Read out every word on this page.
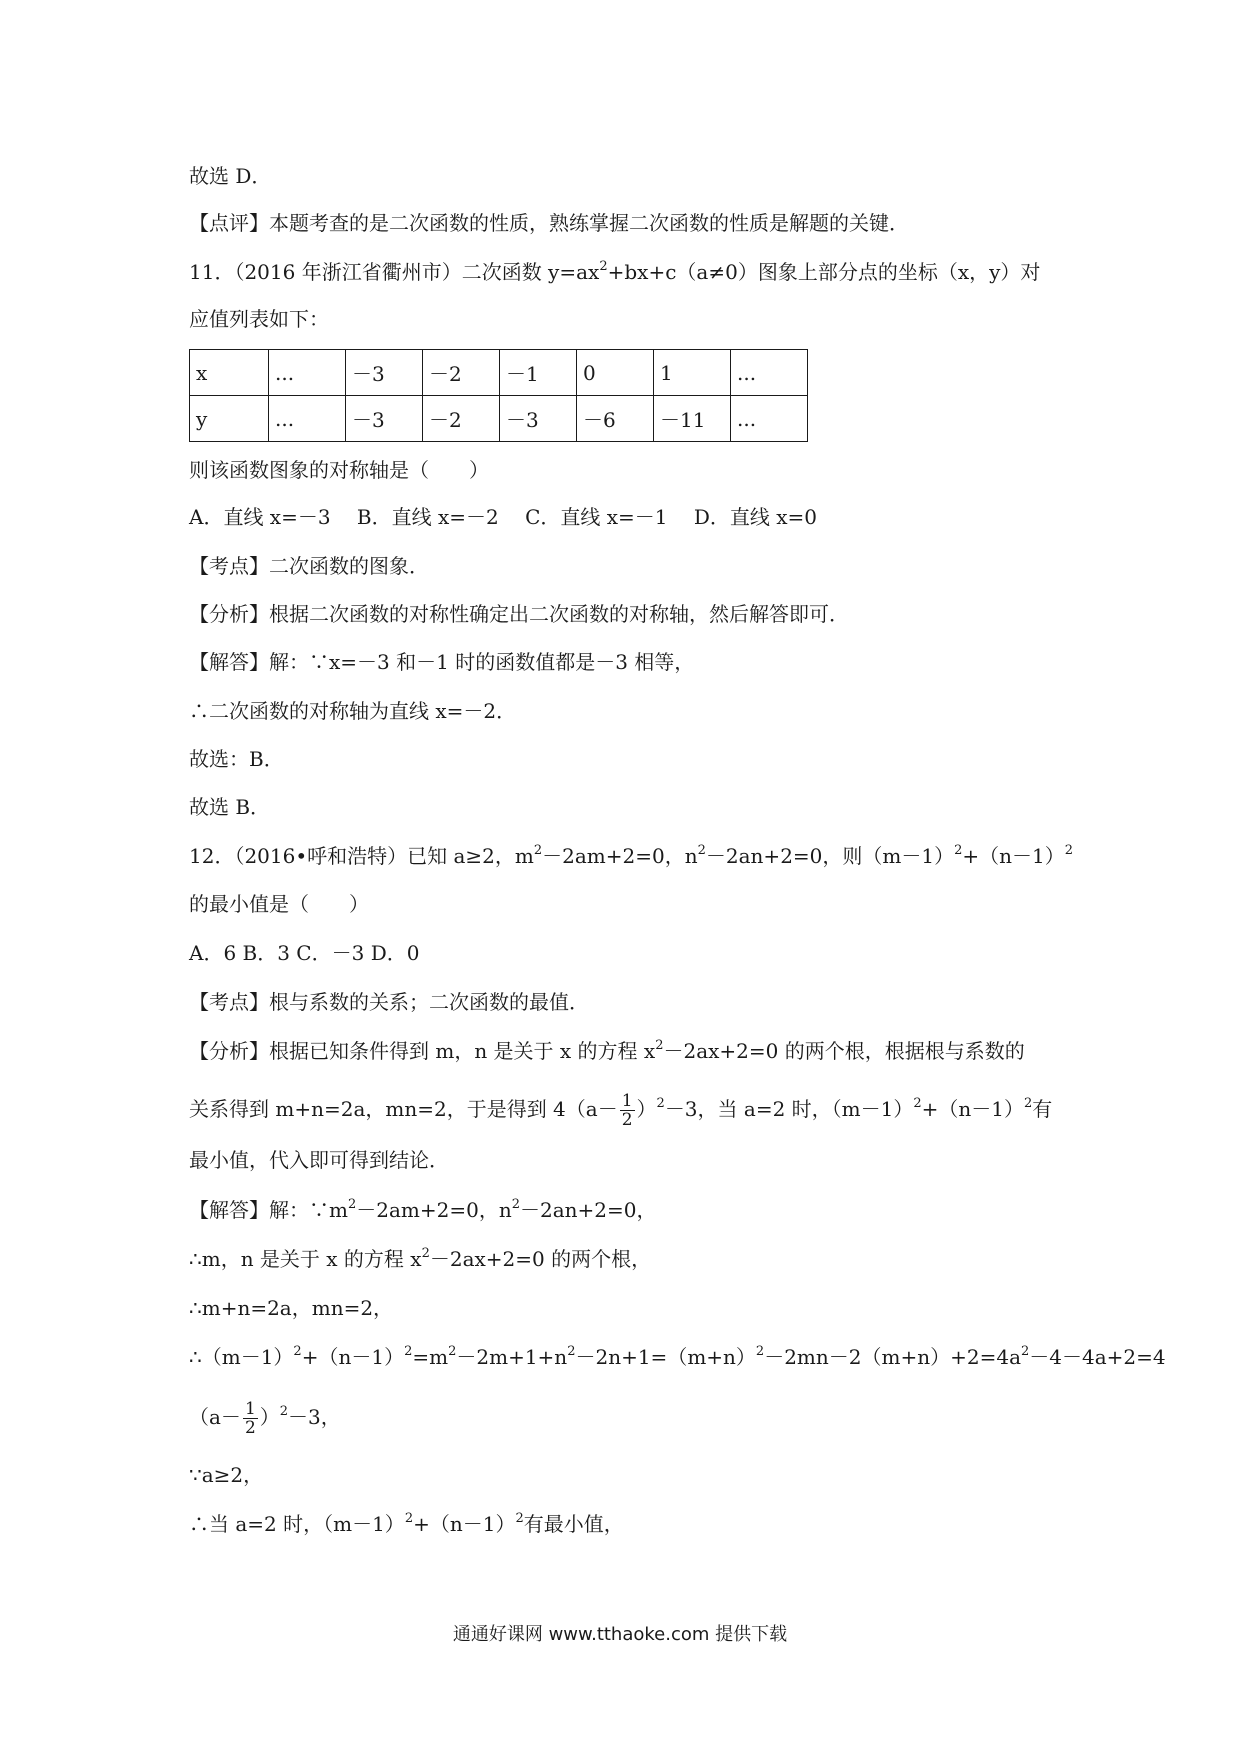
故选 D．
【点评】本题考查的是二次函数的性质，熟练掌握二次函数的性质是解题的关键．
11．（2016 年浙江省衢州市）二次函数 $y=ax^2+bx+c(a\ne 0)$图象上部分点的坐标（x，y）对
应值列表如下：
x	...	－3	－2	－1	0	1	...
y	...	－3	－2	－3	－6	－11	...
则该函数图象的对称轴是（　　）
A．直线 x=－3　 B．直线 x=－2　 C．直线 x=－1　 D．直线 x=0
【考点】二次函数的图象．
【分析】根据二次函数的对称性确定出二次函数的对称轴，然后解答即可．
【解答】解：∵x=－3 和－1 时的函数值都是－3 相等，
∴二次函数的对称轴为直线 x=－2．
故选：B．
故选 B．
12．（2016•呼和浩特）已知 a≥2，$m^2-2am+2=0$，$n^2-2an+2=0$，则$(m-1)^2+(n-1)^2$
的最小值是（　　）
A．6 B．3 C．－3 D．0
【考点】根与系数的关系；二次函数的最值．
【分析】根据已知条件得到 m，n 是关于 x 的方程 $x^2-2ax+2=0$ 的两个根，根据根与系数的
关系得到 m+n=2a，mn=2，于是得到 $4(a- \frac{1}{2} )^2-3$，当 a=2 时，$(m-1)^2+(n-1)^2$有
最小值，代入即可得到结论．
【解答】解：$\because m^2-2am+2=0$，$n^2-2an+2=0$，
∴m，n 是关于 x 的方程 $x^2-2ax+2=0$ 的两个根，
∴m+n=2a，mn=2，
$\therefore(m-1)^2+(n-1)^2=m^2-2m+1+n^2-2n+1=(m+n)^2-2mn-2(m+n)+2=4a^2-4-4a+2=4$
$(a- \frac{1}{2} )^2-3$，
∵a≥2，
∴当 a=2 时，$(m-1)^2+(n-1)^2$有最小值，
通通好课网 www.tthaoke.com 提供下载
